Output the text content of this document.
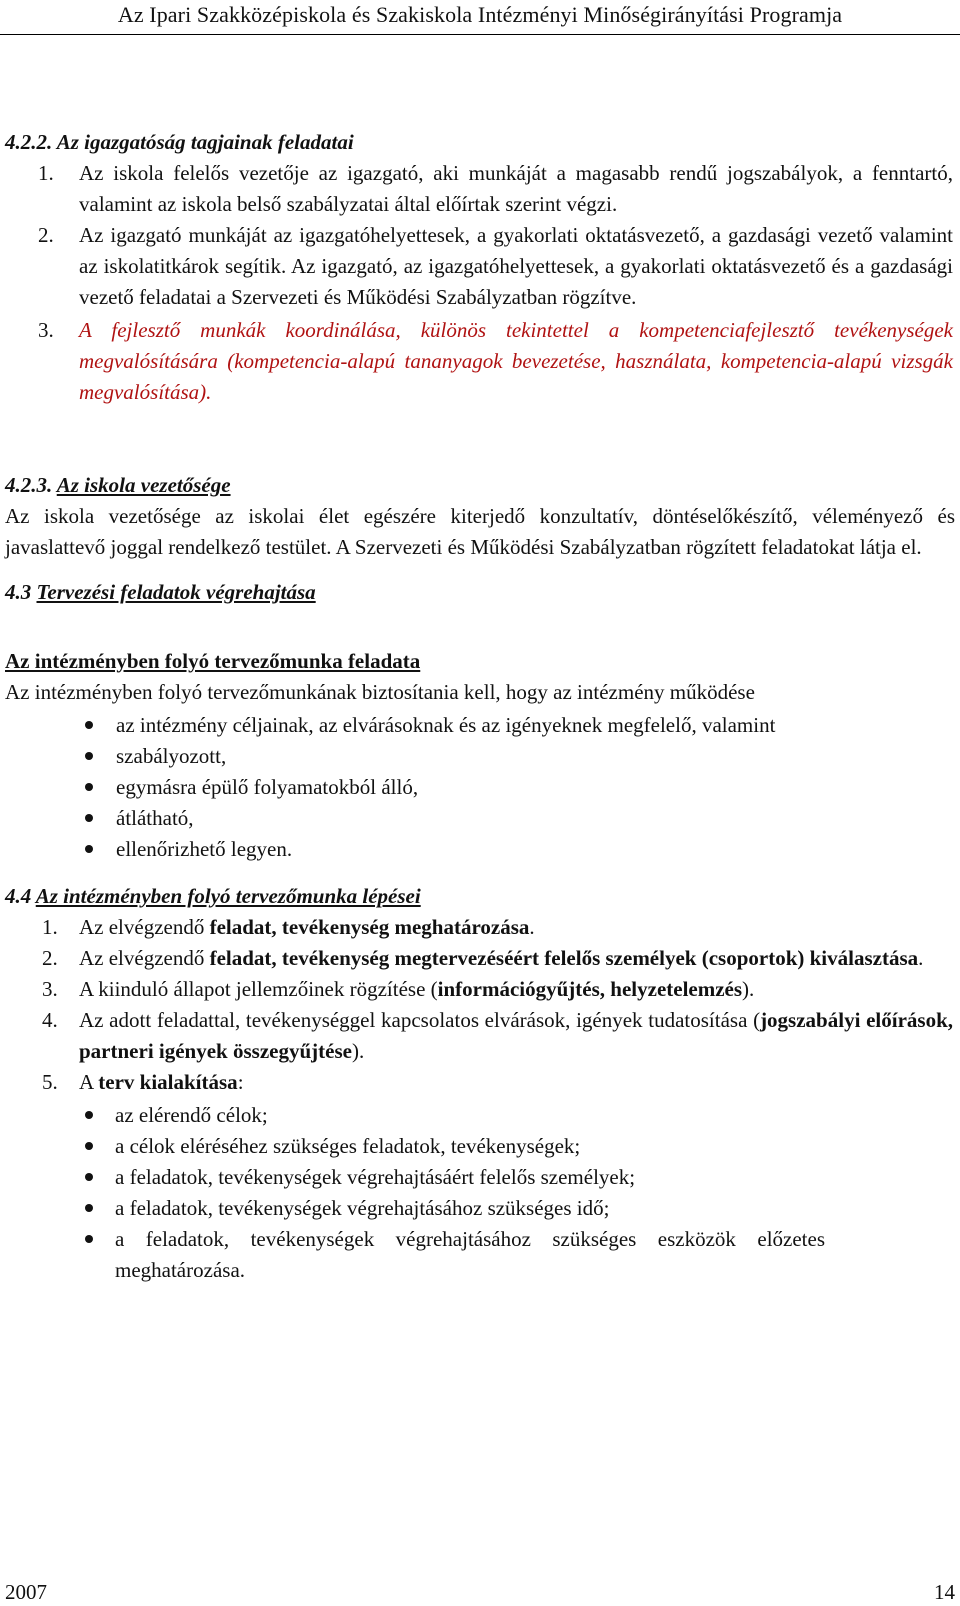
Az Ipari Szakközépiskola és Szakiskola Intézményi Minőségirányítási Programja
4.2.2. Az igazgatóság tagjainak feladatai
1.	Az iskola felelős vezetője az igazgató, aki munkáját a magasabb rendű jogszabályok, a fenntartó, valamint az iskola belső szabályzatai által előírtak szerint végzi.
2.	Az igazgató munkáját az igazgatóhelyettesek, a gyakorlati oktatásvezető, a gazdasági vezető valamint az iskolatitkárok segítik. Az igazgató, az igazgatóhelyettesek, a gyakorlati oktatásvezető és a gazdasági vezető feladatai a Szervezeti és Működési Szabályzatban rögzítve.
3.	A fejlesztő munkák koordinálása, különös tekintettel a kompetenciafejlesztő tevékenységek megvalósítására (kompetencia-alapú tananyagok bevezetése, használata, kompetencia-alapú vizsgák megvalósítása).
4.2.3. Az iskola vezetősége
Az iskola vezetősége az iskolai élet egészére kiterjedő konzultatív, döntéselőkészítő, véleményező és javaslattevő joggal rendelkező testület. A Szervezeti és Működési Szabályzatban rögzített feladatokat látja el.
4.3 Tervezési feladatok végrehajtása
Az intézményben folyó tervezőmunka feladata
Az intézményben folyó tervezőmunkának biztosítania kell, hogy az intézmény működése
az intézmény céljainak, az elvárásoknak és az igényeknek megfelelő, valamint
szabályozott,
egymásra épülő folyamatokból álló,
átlátható,
ellenőrizhető legyen.
4.4 Az intézményben folyó tervezőmunka lépései
1.	Az elvégzendő feladat, tevékenység meghatározása.
2.	Az elvégzendő feladat, tevékenység megtervezéséért felelős személyek (csoportok) kiválasztása.
3.	A kiinduló állapot jellemzőinek rögzítése (információgyűjtés, helyzetelemzés).
4.	Az adott feladattal, tevékenységgel kapcsolatos elvárások, igények tudatosítása (jogszabályi előírások, partneri igények összegyűjtése).
5.	A terv kialakítása:
az elérendő célok;
a célok eléréséhez szükséges feladatok, tevékenységek;
a feladatok, tevékenységek végrehajtásáért felelős személyek;
a feladatok, tevékenységek végrehajtásához szükséges idő;
a feladatok, tevékenységek végrehajtásához szükséges eszközök előzetes meghatározása.
2007	14
